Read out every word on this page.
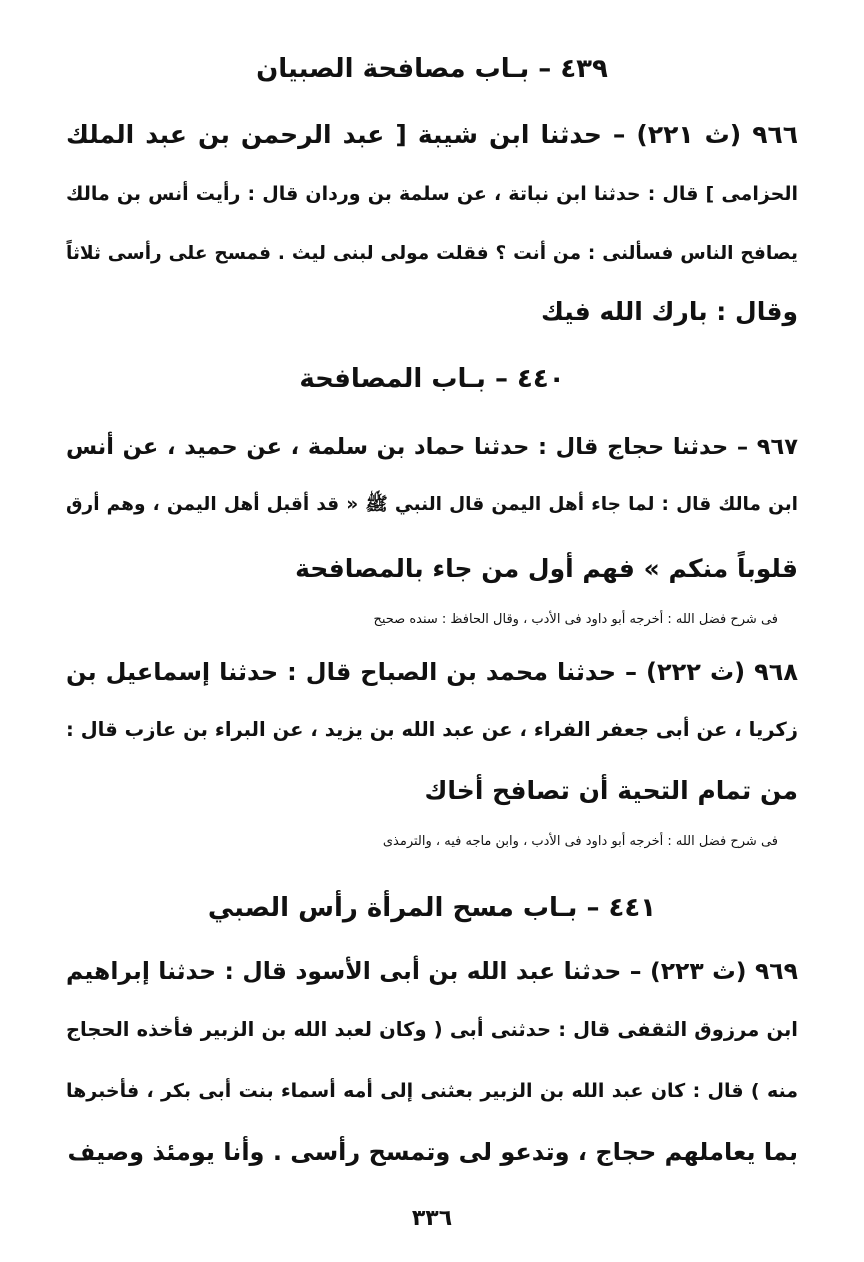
٤٣٩ – بـاب مصافحة الصبيان
٩٦٦ (ث ٢٢١) – حدثنا ابن شيبة [ عبد الرحمن بن عبد الملك
الحزامى ] قال : حدثنا ابن نباتة ، عن سلمة بن وردان قال : رأيت أنس بن مالك
يصافح الناس فسألنى : من أنت ؟ فقلت مولى لبنى ليث . فمسح على رأسى ثلاثاً
وقال : بارك الله فيك
٤٤٠ – بـاب المصافحة
٩٦٧ – حدثنا حجاج قال : حدثنا حماد بن سلمة ، عن حميد ، عن أنس
ابن مالك قال : لما جاء أهل اليمن قال النبي ﷺ « قد أقبل أهل اليمن ، وهم أرق
قلوباً منكم » فهم أول من جاء بالمصافحة
فى شرح فضل الله : أخرجه أبو داود فى الأدب ، وقال الحافظ : سنده صحيح
٩٦٨ (ث ٢٢٢) – حدثنا محمد بن الصباح قال : حدثنا إسماعيل بن
زكريا ، عن أبى جعفر الفراء ، عن عبد الله بن يزيد ، عن البراء بن عازب قال :
من تمام التحية أن تصافح أخاك
فى شرح فضل الله : أخرجه أبو داود فى الأدب ، وابن ماجه فيه ، والترمذى
٤٤١ – بـاب مسح المرأة رأس الصبي
٩٦٩ (ث ٢٢٣) – حدثنا عبد الله بن أبى الأسود قال : حدثنا إبراهيم
ابن مرزوق الثقفى قال : حدثنى أبى ( وكان لعبد الله بن الزبير فأخذه الحجاج
منه ) قال : كان عبد الله بن الزبير بعثنى إلى أمه أسماء بنت أبى بكر ، فأخبرها
بما يعاملهم حجاج ، وتدعو لى وتمسح رأسى . وأنا يومئذ وصيف
٣٣٦
